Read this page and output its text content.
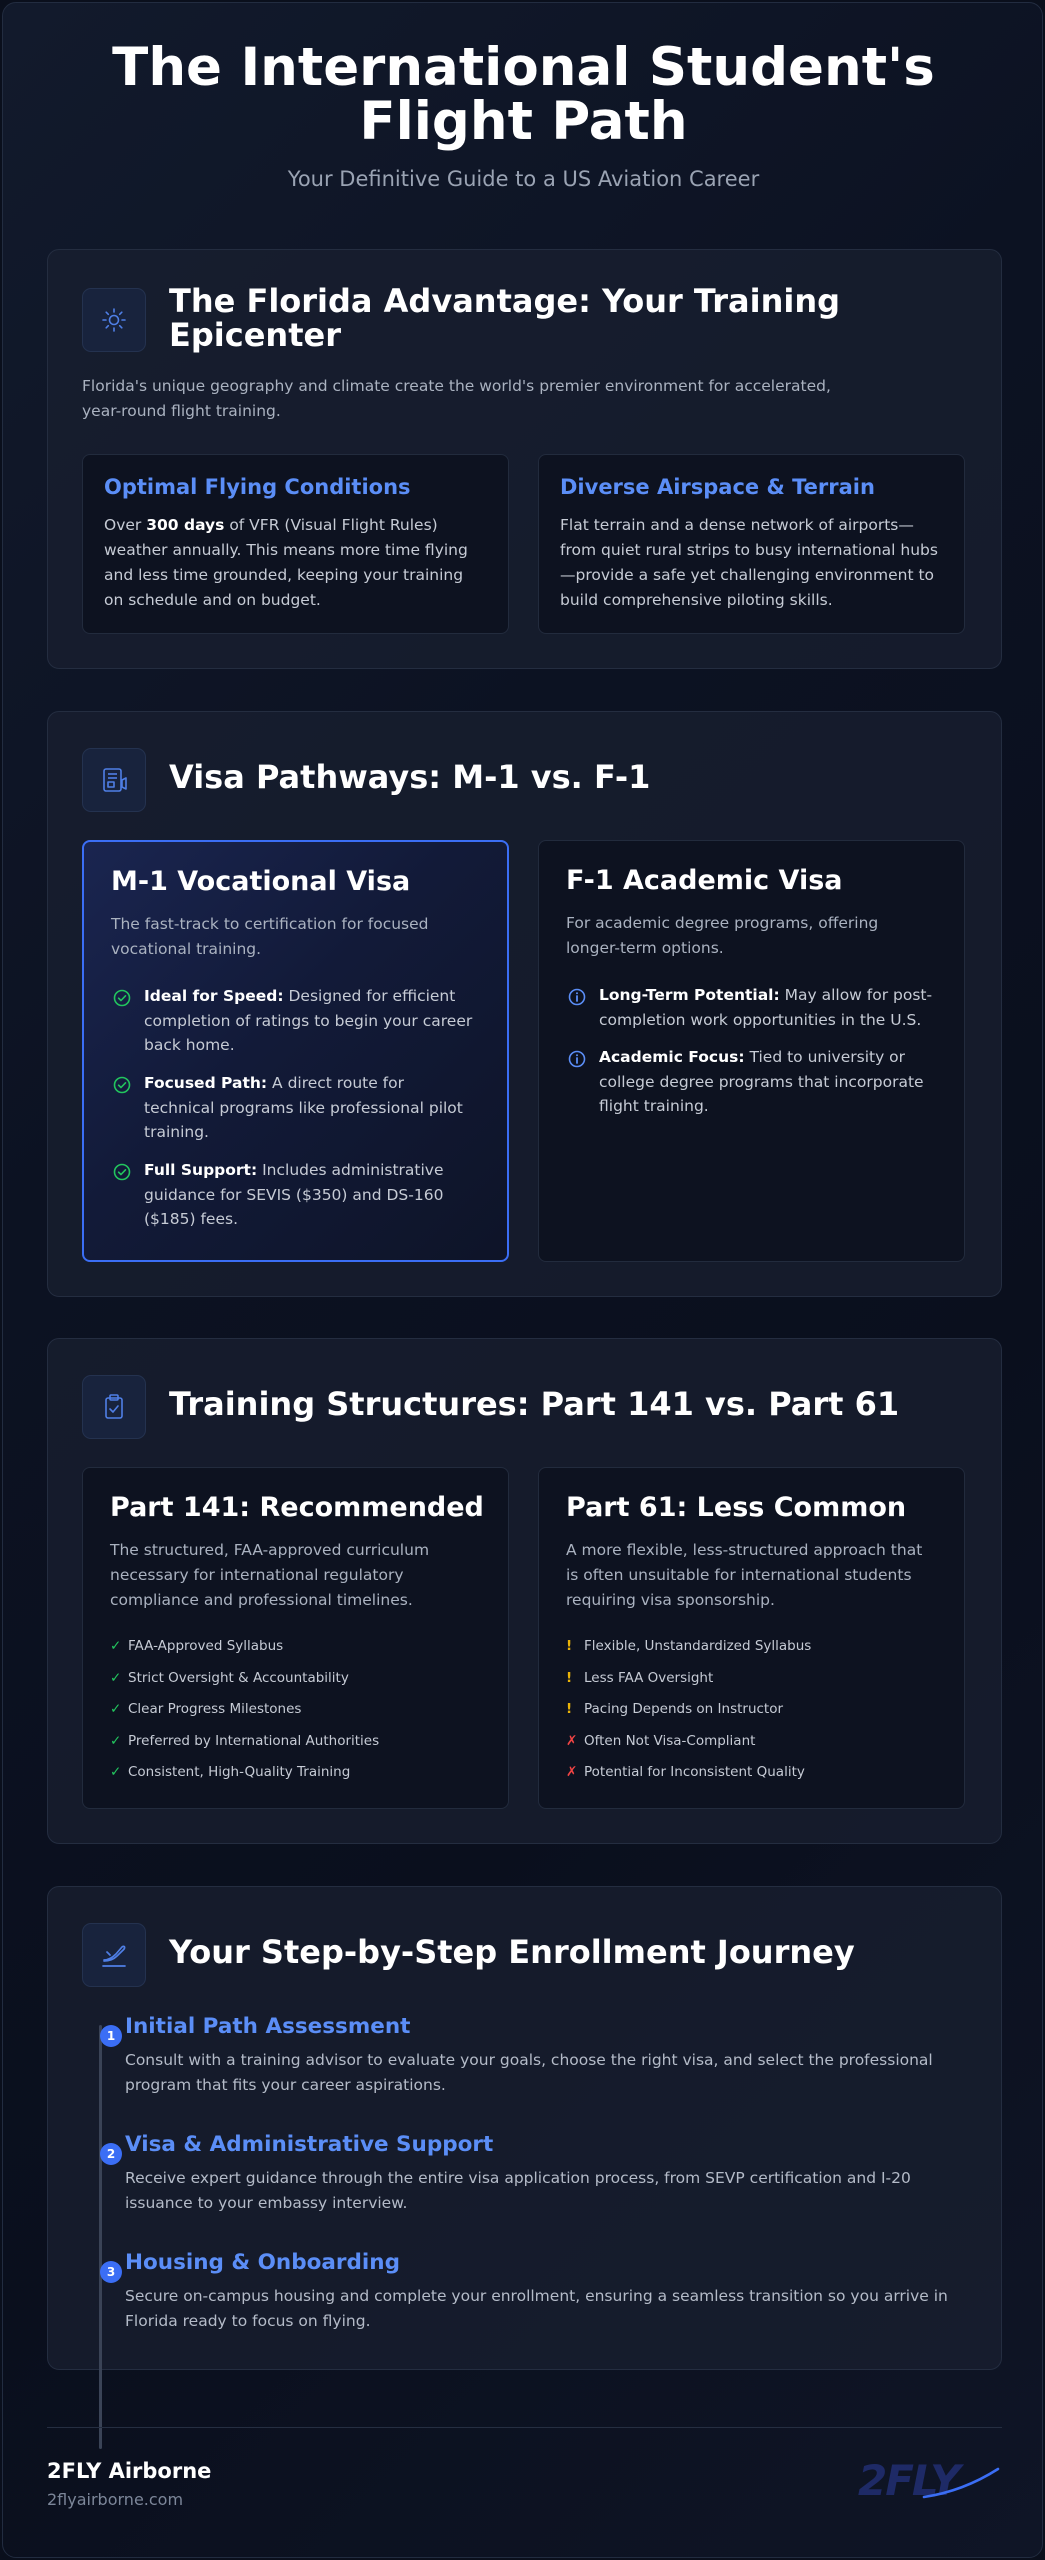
The International Student's
Flight Path
Your Definitive Guide to a US Aviation Career
The Florida Advantage: Your Training
Epicenter
Florida's unique geography and climate create the world's premier environment for accelerated,
year-round flight training.
Optimal Flying Conditions
Over 300 days of VFR (Visual Flight Rules)
weather annually. This means more time flying
and less time grounded, keeping your training
on schedule and on budget.
Diverse Airspace & Terrain
Flat terrain and a dense network of airports—
from quiet rural strips to busy international hubs
—provide a safe yet challenging environment to
build comprehensive piloting skills.
Visa Pathways: M-1 vs. F-1
M-1 Vocational Visa
The fast-track to certification for focused
vocational training.
Ideal for Speed: Designed for efficient
completion of ratings to begin your career
back home.
Focused Path: A direct route for
technical programs like professional pilot
training.
Full Support: Includes administrative
guidance for SEVIS ($350) and DS-160
($185) fees.
F-1 Academic Visa
For academic degree programs, offering
longer-term options.
Long-Term Potential: May allow for post-
completion work opportunities in the U.S.
Academic Focus: Tied to university or
college degree programs that incorporate
flight training.
Training Structures: Part 141 vs. Part 61
Part 141: Recommended
The structured, FAA-approved curriculum
necessary for international regulatory
compliance and professional timelines.
✓ FAA-Approved Syllabus
✓ Strict Oversight & Accountability
✓ Clear Progress Milestones
✓ Preferred by International Authorities
✓ Consistent, High-Quality Training
Part 61: Less Common
A more flexible, less-structured approach that
is often unsuitable for international students
requiring visa sponsorship.
! Flexible, Unstandardized Syllabus
! Less FAA Oversight
! Pacing Depends on Instructor
✗ Often Not Visa-Compliant
✗ Potential for Inconsistent Quality
Your Step-by-Step Enrollment Journey
1 Initial Path Assessment
Consult with a training advisor to evaluate your goals, choose the right visa, and select the professional
program that fits your career aspirations.
2 Visa & Administrative Support
Receive expert guidance through the entire visa application process, from SEVP certification and I-20
issuance to your embassy interview.
3 Housing & Onboarding
Secure on-campus housing and complete your enrollment, ensuring a seamless transition so you arrive in
Florida ready to focus on flying.
2FLY Airborne
2flyairborne.com	2FLY
